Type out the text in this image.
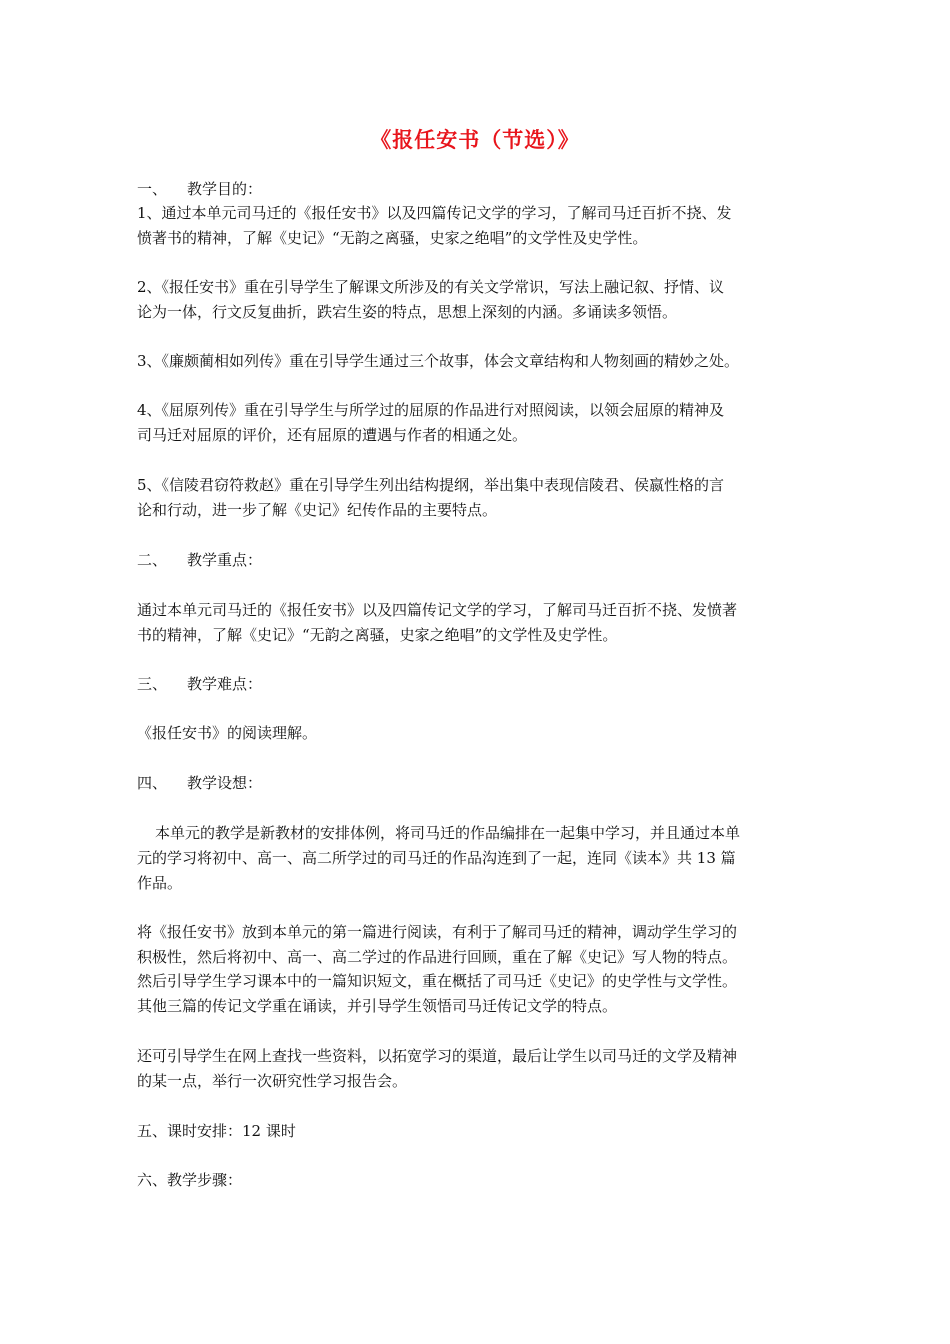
《报任安书（节选）》
一、 教学目的：
1、通过本单元司马迁的《报任安书》以及四篇传记文学的学习，了解司马迁百折不挠、发
愤著书的精神，了解《史记》“无韵之离骚，史家之绝唱”的文学性及史学性。
2、《报任安书》重在引导学生了解课文所涉及的有关文学常识，写法上融记叙、抒情、议
论为一体，行文反复曲折，跌宕生姿的特点，思想上深刻的内涵。多诵读多领悟。
3、《廉颇蔺相如列传》重在引导学生通过三个故事，体会文章结构和人物刻画的精妙之处。
4、《屈原列传》重在引导学生与所学过的屈原的作品进行对照阅读，以领会屈原的精神及
司马迁对屈原的评价，还有屈原的遭遇与作者的相通之处。
5、《信陵君窃符救赵》重在引导学生列出结构提纲，举出集中表现信陵君、侯嬴性格的言
论和行动，进一步了解《史记》纪传作品的主要特点。
二、 教学重点：
通过本单元司马迁的《报任安书》以及四篇传记文学的学习，了解司马迁百折不挠、发愤著
书的精神，了解《史记》“无韵之离骚，史家之绝唱”的文学性及史学性。
三、 教学难点：
《报任安书》的阅读理解。
四、 教学设想：
本单元的教学是新教材的安排体例，将司马迁的作品编排在一起集中学习，并且通过本单
元的学习将初中、高一、高二所学过的司马迁的作品沟连到了一起，连同《读本》共 13 篇
作品。
将《报任安书》放到本单元的第一篇进行阅读，有利于了解司马迁的精神，调动学生学习的
积极性，然后将初中、高一、高二学过的作品进行回顾，重在了解《史记》写人物的特点。
然后引导学生学习课本中的一篇知识短文，重在概括了司马迁《史记》的史学性与文学性。
其他三篇的传记文学重在诵读，并引导学生领悟司马迁传记文学的特点。
还可引导学生在网上查找一些资料，以拓宽学习的渠道，最后让学生以司马迁的文学及精神
的某一点，举行一次研究性学习报告会。
五、课时安排：12 课时
六、教学步骤：
